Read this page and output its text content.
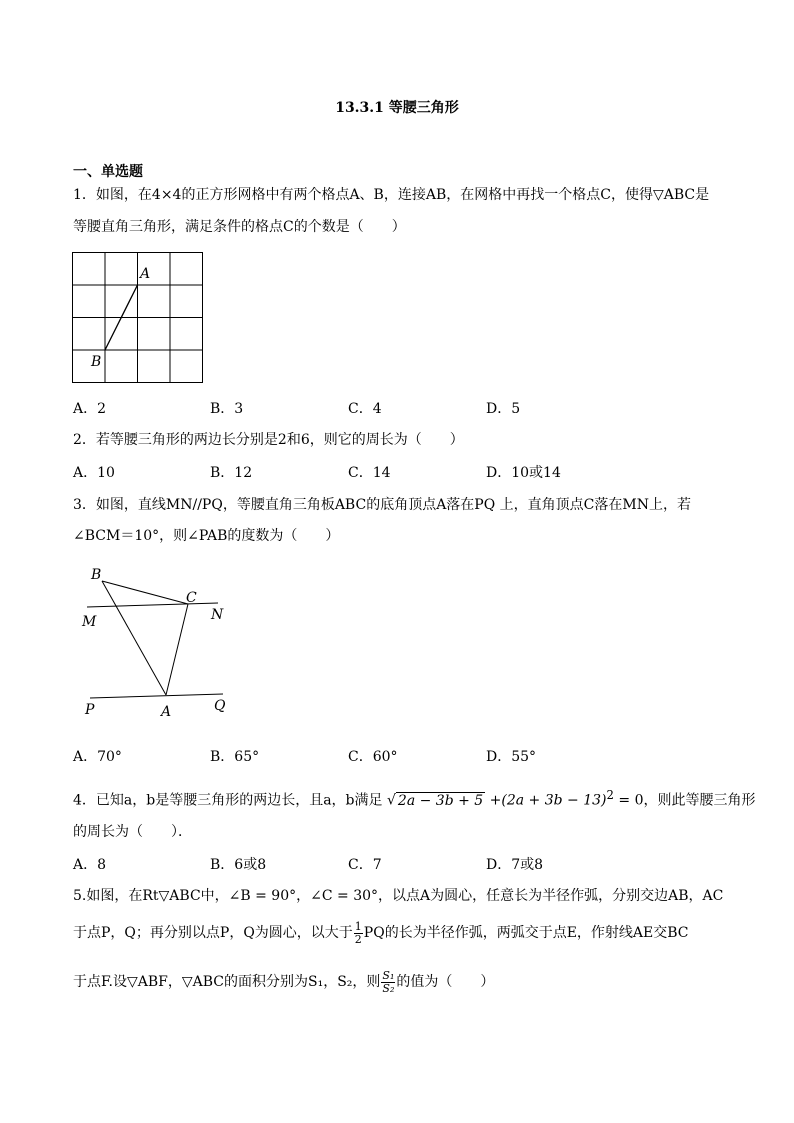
13.3.1 等腰三角形
一、单选题
1．如图，在4×4的正方形网格中有两个格点A、B，连接AB，在网格中再找一个格点C，使得▽ABC是
等腰直角三角形，满足条件的格点C的个数是（　　）
A
B
A．2	B．3	C．4	D．5
2．若等腰三角形的两边长分别是2和6，则它的周长为（　　）
A．10	B．12	C．14	D．10或14
3．如图，直线MN//PQ，等腰直角三角板ABC的底角顶点A落在PQ 上，直角顶点C落在MN上，若
∠BCM＝10°，则∠PAB的度数为（　　）
B
C
M	N
P	A	Q
A．70°	B．65°	C．60°	D．55°
4．已知a，b是等腰三角形的两边长，且a，b满足 √ $2a - 3b + 5 +(2a + 3b - 13)^2 = 0$，则此等腰三角形
的周长为（　　）．
A．8	B．6或8	C．7	D．7或8
5.如图，在Rt▽ABC中，∠B = 90°，∠C = 30°，以点A为圆心，任意长为半径作弧，分别交边AB，AC
于点P，Q；再分别以点P，Q为圆心，以大于 $\frac{1}{2}$ PQ的长为半径作弧，两弧交于点E，作射线AE交BC
于点F.设▽ABF，▽ABC的面积分别为S₁，S₂，则 $\frac{\text{S₁}}{\text{S₂}}$ 的值为（　　）
